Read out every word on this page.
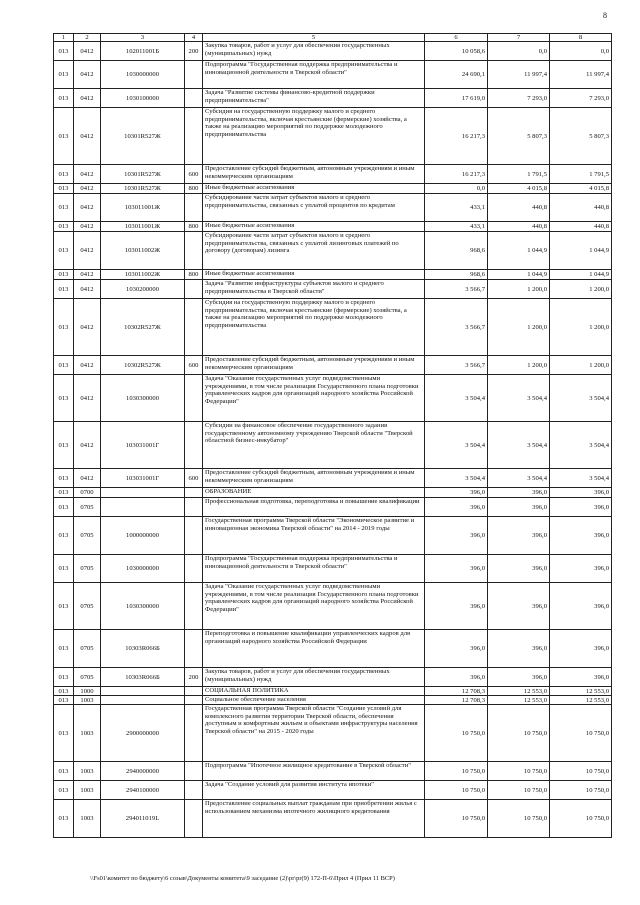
8
1	2	3	4	5	6	7	8
013	0412	102011001Б	200	Закупка товаров, работ и услуг для обеспечения государственных (муниципальных) нужд	10 058,6	0,0	0,0
013	0412	1030000000		Подпрограмма "Государственная поддержка предпринимательства и инновационной деятельности в Тверской области"	24 690,1	11 997,4	11 997,4
013	0412	1030100000		Задача "Развитие системы финансово-кредитной поддержки предпринимательства"	17 619,0	7 293,0	7 293,0
013	0412	10301R527Ж		Субсидия на государственную поддержку малого и среднего предпринимательства, включая крестьянские (фермерские) хозяйства, а также на реализацию мероприятий по поддержке молодежного предпринимательства	16 217,3	5 807,3	5 807,3
013	0412	10301R527Ж	600	Предоставление субсидий бюджетным, автономным учреждениям и иным некоммерческим организациям	16 217,3	1 791,5	1 791,5
013	0412	10301R527Ж	800	Иные бюджетные ассигнования	0,0	4 015,8	4 015,8
013	0412	103011001Ж		Субсидирование части затрат субъектов малого и среднего предпринимательства, связанных с уплатой процентов по кредитам	433,1	440,8	440,8
013	0412	103011001Ж	800	Иные бюджетные ассигнования	433,1	440,8	440,8
013	0412	103011002Ж		Субсидирование части затрат субъектов малого и среднего предпринимательства, связанных с уплатой лизинговых платежей по договору (договорам) лизинга	968,6	1 044,9	1 044,9
013	0412	103011002Ж	800	Иные бюджетные ассигнования	968,6	1 044,9	1 044,9
013	0412	1030200000		Задача "Развитие инфраструктуры субъектов малого и среднего предпринимательства в Тверской области"	3 566,7	1 200,0	1 200,0
013	0412	10302R527Ж		Субсидия на государственную поддержку малого и среднего предпринимательства, включая крестьянские (фермерские) хозяйства, а также на реализацию мероприятий по поддержке молодежного предпринимательства	3 566,7	1 200,0	1 200,0
013	0412	10302R527Ж	600	Предоставление субсидий бюджетным, автономным учреждениям и иным некоммерческим организациям	3 566,7	1 200,0	1 200,0
013	0412	1030300000		Задача "Оказание государственных услуг подведомственными учреждениями, в том числе реализация Государственного плана подготовки управленческих кадров для организаций народного хозяйства Российской Федерации"	3 504,4	3 504,4	3 504,4
013	0412	103031001Г		Субсидии на финансовое обеспечение государственного задания государственному автономному учреждению Тверской области "Тверской областной бизнес-инкубатор"	3 504,4	3 504,4	3 504,4
013	0412	103031001Г	600	Предоставление субсидий бюджетным, автономным учреждениям и иным некоммерческим организациям	3 504,4	3 504,4	3 504,4
013	0700			ОБРАЗОВАНИЕ	396,0	396,0	396,0
013	0705			Профессиональная подготовка, переподготовка и повышение квалификации	396,0	396,0	396,0
013	0705	1000000000		Государственная программа Тверской области "Экономическое развитие и инновационная экономика Тверской области" на 2014 - 2019 годы	396,0	396,0	396,0
013	0705	1030000000		Подпрограмма "Государственная поддержка предпринимательства и инновационной деятельности в Тверской области"	396,0	396,0	396,0
013	0705	1030300000		Задача "Оказание государственных услуг подведомственными учреждениями, в том числе реализация Государственного плана подготовки управленческих кадров для организаций народного хозяйства Российской Федерации"	396,0	396,0	396,0
013	0705	10303R066Б		Переподготовка и повышение квалификации управленческих кадров для организаций народного хозяйства Российской Федерации	396,0	396,0	396,0
013	0705	10303R066Б	200	Закупка товаров, работ и услуг для обеспечения государственных (муниципальных) нужд	396,0	396,0	396,0
013	1000			СОЦИАЛЬНАЯ ПОЛИТИКА	12 708,3	12 553,0	12 553,0
013	1003			Социальное обеспечение населения	12 708,3	12 553,0	12 553,0
013	1003	2900000000		Государственная программа Тверской области "Создание условий для комплексного развития территории Тверской области, обеспечения доступным и комфортным жильем и объектами инфраструктуры населения Тверской области" на 2015 - 2020 годы	10 750,0	10 750,0	10 750,0
013	1003	2940000000		Подпрограмма "Ипотечное жилищное кредитование в Тверской области"	10 750,0	10 750,0	10 750,0
013	1003	2940100000		Задача "Создание условий для развития института ипотеки"	10 750,0	10 750,0	10 750,0
013	1003	294011019L		Предоставление социальных выплат гражданам при приобретении жилья с использованием механизма ипотечного жилищного кредитования	10 750,0	10 750,0	10 750,0
\\Fs01\комитет по бюджету\6 созыв\Документы комитета\9 заседание (2)\pr\pr(9) 172-П-6\Прил 4 (Прил 11 ВСР)
